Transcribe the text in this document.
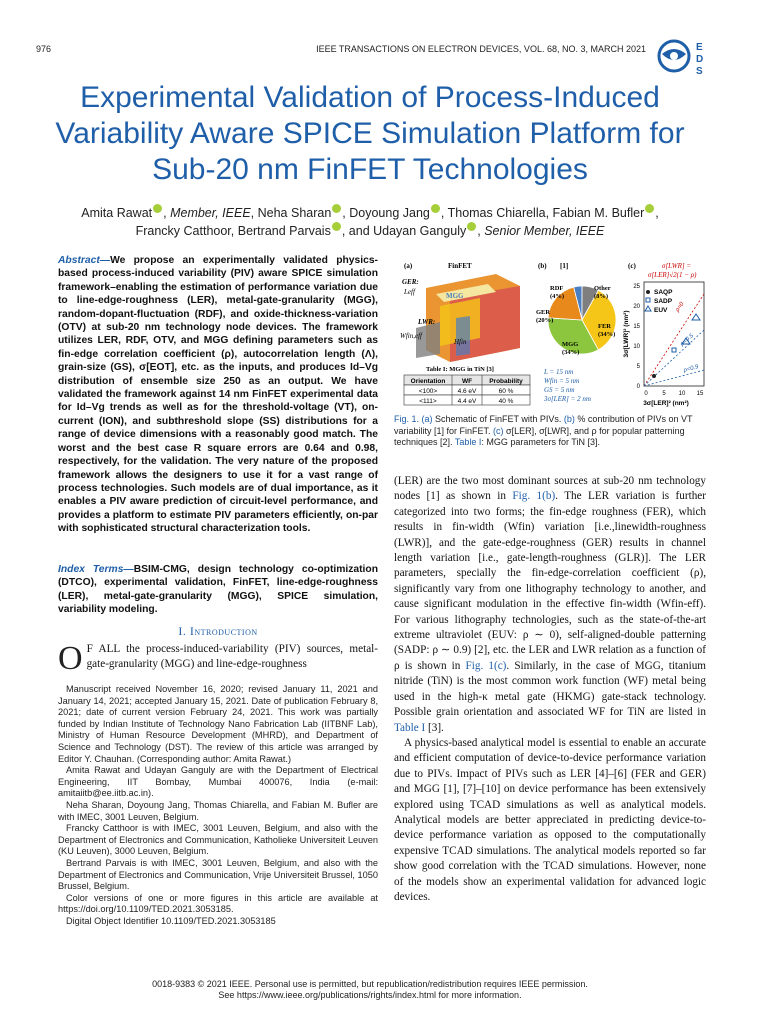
976	IEEE TRANSACTIONS ON ELECTRON DEVICES, VOL. 68, NO. 3, MARCH 2021	E
D
S
Experimental Validation of Process-Induced Variability Aware SPICE Simulation Platform for Sub-20 nm FinFET Technologies
Amita Rawat , Member, IEEE, Neha Sharan , Doyoung Jang , Thomas Chiarella, Fabian M. Bufler ,
Francky Catthoor, Bertrand Parvais , and Udayan Ganguly , Senior Member, IEEE
Abstract—We propose an experimentally validated physics-based process-induced variability (PIV) aware SPICE simulation framework–enabling the estimation of performance variation due to line-edge-roughness (LER), metal-gate-granularity (MGG), random-dopant-fluctuation (RDF), and oxide-thickness-variation (OTV) at sub-20 nm technology node devices. The framework utilizes LER, RDF, OTV, and MGG defining parameters such as fin-edge correlation coefficient (ρ), autocorrelation length (Λ), grain-size (GS), σ[EOT], etc. as the inputs, and produces Id–Vg distribution of ensemble size 250 as an output. We have validated the framework against 14 nm FinFET experimental data for Id–Vg trends as well as for the threshold-voltage (VT), on-current (ION), and subthreshold slope (SS) distributions for a range of device dimensions with a reasonably good match. The worst and the best case R square errors are 0.64 and 0.98, respectively, for the validation. The very nature of the proposed framework allows the designers to use it for a vast range of process technologies. Such models are of dual importance, as it enables a PIV aware prediction of circuit-level performance, and provides a platform to estimate PIV parameters efficiently, on-par with sophisticated structural characterization tools.
Index Terms—BSIM-CMG, design technology co-optimization (DTCO), experimental validation, FinFET, line-edge-roughness (LER), metal-gate-granularity (MGG), SPICE simulation, variability modeling.
I. Introduction
O F ALL the process-induced-variability (PIV) sources, metal-gate-granularity (MGG) and line-edge-roughness

Manuscript received November 16, 2020; revised January 11, 2021 and January 14, 2021; accepted January 15, 2021. Date of publication February 8, 2021; date of current version February 24, 2021. This work was partially funded by Indian Institute of Technology Nano Fabrication Lab (IITBNF Lab), Ministry of Human Resource Development (MHRD), and Department of Science and Technology (DST). The review of this article was arranged by Editor Y. Chauhan. (Corresponding author: Amita Rawat.)

Amita Rawat and Udayan Ganguly are with the Department of Electrical Engineering, IIT Bombay, Mumbai 400076, India (e-mail: amitaiitb@ee.iitb.ac.in).

Neha Sharan, Doyoung Jang, Thomas Chiarella, and Fabian M. Bufler are with IMEC, 3001 Leuven, Belgium.

Francky Catthoor is with IMEC, 3001 Leuven, Belgium, and also with the Department of Electronics and Communication, Katholieke Universiteit Leuven (KU Leuven), 3000 Leuven, Belgium.

Bertrand Parvais is with IMEC, 3001 Leuven, Belgium, and also with the Department of Electronics and Communication, Vrije Universiteit Brussel, 1050 Brussel, Belgium.

Color versions of one or more figures in this article are available at https://doi.org/10.1109/TED.2021.3053185.

Digital Object Identifier 10.1109/TED.2021.3053185

(a)	FinFET
GER:
Leff	MGG
LWR:
Wfin,eff
Hfin
Table I: MGG in TiN [3]
Orientation	WF	Probability
<100>	4.6 eV	60 %
<111>	4.4 eV	40 %
(b) [1]
RDF
(4%)
Other
(8%)
FER
(34%)
MGG
(34%)
GER
(20%)
L = 15 nm
Wfin = 5 nm
GS = 5 nm
3σ[LER] = 2 nm
(c)	σ[LWR] =
σ[LER]√2(1 − ρ)
SAQP
SADP
EUV ρ=0
ρ=0.5
ρ=0.9
0
5
10
15
20
25
0 5 10 15
3σ[LER]² (nm²)
3σ[LWR]² (nm²)
Fig. 1. (a) Schematic of FinFET with PIVs. (b) % contribution of PIVs on VT variability [1] for FinFET. (c) σ[LER], σ[LWR], and ρ for popular patterning techniques [2]. Table I: MGG parameters for TiN [3].

(LER) are the two most dominant sources at sub-20 nm technology nodes [1] as shown in Fig. 1(b). The LER variation is further categorized into two forms; the fin-edge roughness (FER), which results in fin-width (Wfin) variation [i.e.,linewidth-roughness (LWR)], and the gate-edge-roughness (GER) results in channel length variation [i.e., gate-length-roughness (GLR)]. The LER parameters, specially the fin-edge-correlation coefficient (ρ), significantly vary from one lithography technology to another, and cause significant modulation in the effective fin-width (Wfin-eff). For various lithography technologies, such as the state-of-the-art extreme ultraviolet (EUV: ρ ∼ 0), self-aligned-double patterning (SADP: ρ ∼ 0.9) [2], etc. the LER and LWR relation as a function of ρ is shown in Fig. 1(c). Similarly, in the case of MGG, titanium nitride (TiN) is the most common work function (WF) metal being used in the high-κ metal gate (HKMG) gate-stack technology. Possible grain orientation and associated WF for TiN are listed in Table I [3].

A physics-based analytical model is essential to enable an accurate and efficient computation of device-to-device performance variation due to PIVs. Impact of PIVs such as LER [4]–[6] (FER and GER) and MGG [1], [7]–[10] on device performance has been extensively explored using TCAD simulations as well as analytical models. Analytical models are better appreciated in predicting device-to-device performance variation as opposed to the computationally expensive TCAD simulations. The analytical models reported so far show good correlation with the TCAD simulations. However, none of the models show an experimental validation for advanced logic devices.

0018-9383 © 2021 IEEE. Personal use is permitted, but republication/redistribution requires IEEE permission.
See https://www.ieee.org/publications/rights/index.html for more information.
